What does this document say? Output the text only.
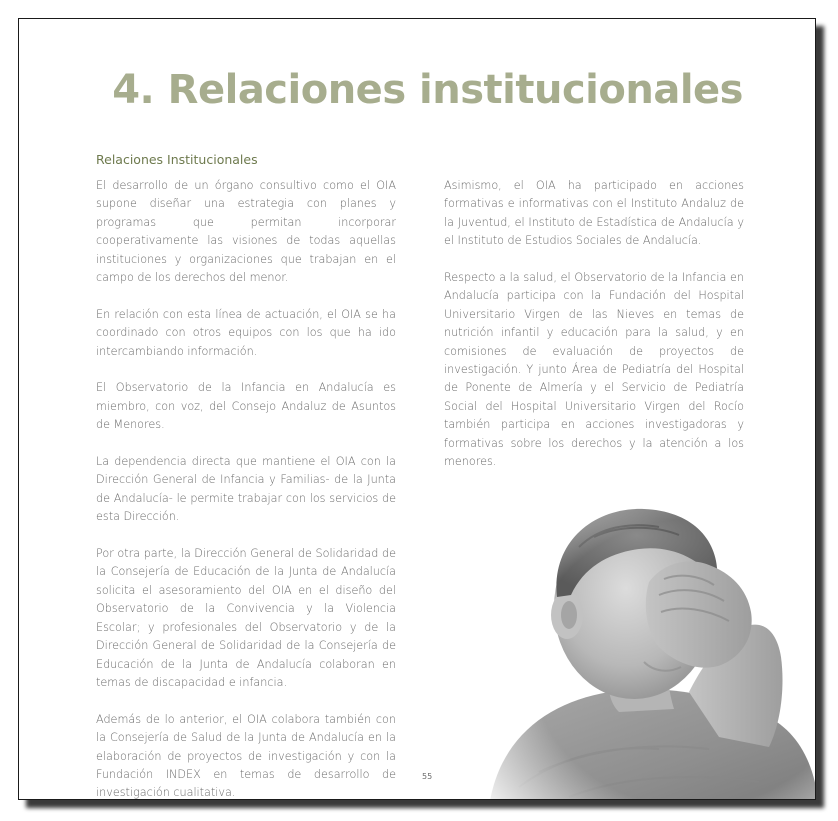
4. Relaciones institucionales
Relaciones Institucionales

El desarrollo de un órgano consultivo como el OIA supone diseñar una estrategia con planes y programas que permitan incorporar cooperativamente las visiones de todas aquellas instituciones y organizaciones que trabajan en el campo de los derechos del menor.

En relación con esta línea de actuación, el OIA se ha coordinado con otros equipos con los que ha ido intercambiando información.

El Observatorio de la Infancia en Andalucía es miembro, con voz, del Consejo Andaluz de Asuntos de Menores.

La dependencia directa que mantiene el OIA con la Dirección General de Infancia y Familias- de la Junta de Andalucía- le permite trabajar con los servicios de esta Dirección.

Por otra parte, la Dirección General de Solidaridad de la Consejería de Educación de la Junta de Andalucía solicita el asesoramiento del OIA en el diseño del Observatorio de la Convivencia y la Violencia Escolar; y profesionales del Observatorio y de la Dirección General de Solidaridad de la Consejería de Educación de la Junta de Andalucía colaboran en temas de discapacidad e infancia.

Además de lo anterior, el OIA colabora también con la Consejería de Salud de la Junta de Andalucía en la elaboración de proyectos de investigación y con la Fundación INDEX en temas de desarrollo de investigación cualitativa.

Asimismo, el OIA ha participado en acciones formativas e informativas con el Instituto Andaluz de la Juventud, el Instituto de Estadística de Andalucía y el Instituto de Estudios Sociales de Andalucía.

Respecto a la salud, el Observatorio de la Infancia en Andalucía participa con la Fundación del Hospital Universitario Virgen de las Nieves en temas de nutrición infantil y educación para la salud, y en comisiones de evaluación de proyectos de investigación. Y junto Área de Pediatría del Hospital de Ponente de Almería y el Servicio de Pediatría Social del Hospital Universitario Virgen del Rocío también participa en acciones investigadoras y formativas sobre los derechos y la atención a los menores.

55
